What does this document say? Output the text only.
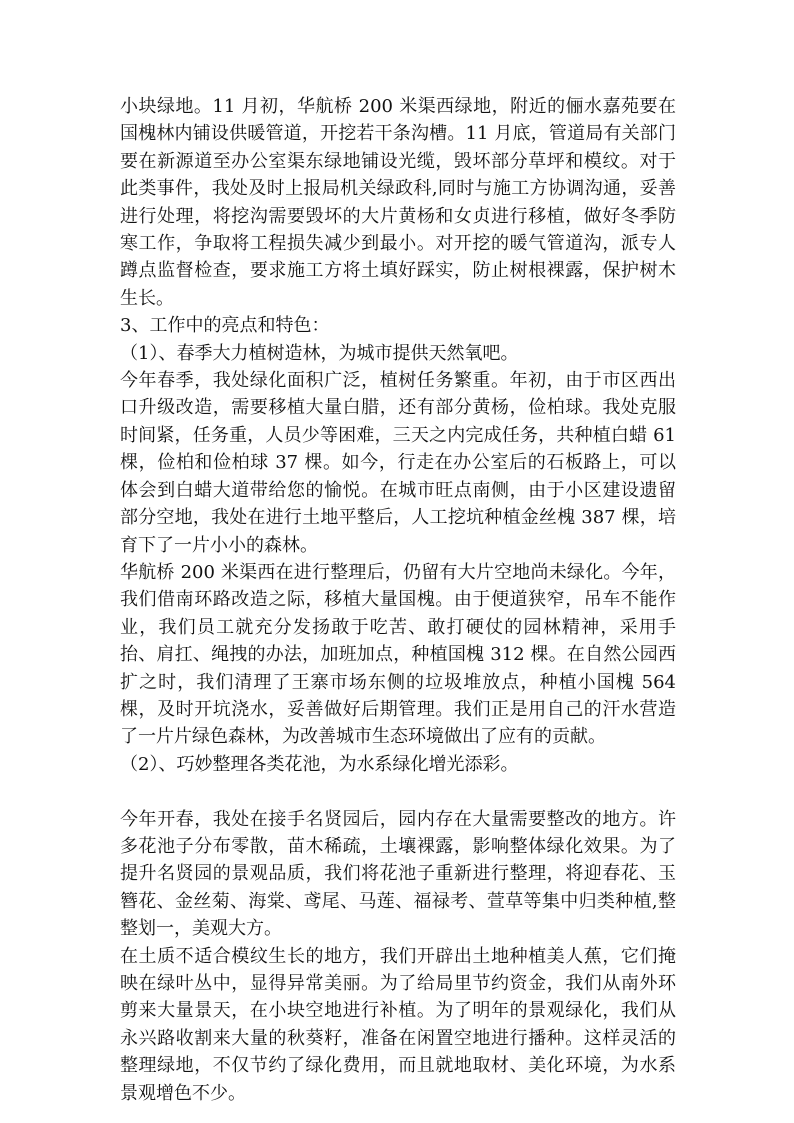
小块绿地。11 月初，华航桥 200 米渠西绿地，附近的俪水嘉苑要在国槐林内铺设供暖管道，开挖若干条沟槽。11 月底，管道局有关部门要在新源道至办公室渠东绿地铺设光缆，毁坏部分草坪和模纹。对于此类事件，我处及时上报局机关绿政科,同时与施工方协调沟通，妥善进行处理，将挖沟需要毁坏的大片黄杨和女贞进行移植，做好冬季防寒工作，争取将工程损失减少到最小。对开挖的暖气管道沟，派专人蹲点监督检查，要求施工方将土填好踩实，防止树根裸露，保护树木生长。

3、工作中的亮点和特色：

（1）、春季大力植树造林，为城市提供天然氧吧。

今年春季，我处绿化面积广泛，植树任务繁重。年初，由于市区西出口升级改造，需要移植大量白腊，还有部分黄杨，俭柏球。我处克服时间紧，任务重，人员少等困难，三天之内完成任务，共种植白蜡 61 棵，俭柏和俭柏球 37 棵。如今，行走在办公室后的石板路上，可以体会到白蜡大道带给您的愉悦。在城市旺点南侧，由于小区建设遗留部分空地，我处在进行土地平整后，人工挖坑种植金丝槐 387 棵，培育下了一片小小的森林。

华航桥 200 米渠西在进行整理后，仍留有大片空地尚未绿化。今年，我们借南环路改造之际，移植大量国槐。由于便道狭窄，吊车不能作业，我们员工就充分发扬敢于吃苦、敢打硬仗的园林精神，采用手抬、肩扛、绳拽的办法，加班加点，种植国槐 312 棵。在自然公园西扩之时，我们清理了王寨市场东侧的垃圾堆放点，种植小国槐 564 棵，及时开坑浇水，妥善做好后期管理。我们正是用自己的汗水营造了一片片绿色森林，为改善城市生态环境做出了应有的贡献。

（2）、巧妙整理各类花池，为水系绿化增光添彩。

今年开春，我处在接手名贤园后，园内存在大量需要整改的地方。许多花池子分布零散，苗木稀疏，土壤裸露，影响整体绿化效果。为了提升名贤园的景观品质，我们将花池子重新进行整理，将迎春花、玉簪花、金丝菊、海棠、鸢尾、马莲、福禄考、萱草等集中归类种植,整整划一，美观大方。

在土质不适合模纹生长的地方，我们开辟出土地种植美人蕉，它们掩映在绿叶丛中，显得异常美丽。为了给局里节约资金，我们从南外环剪来大量景天，在小块空地进行补植。为了明年的景观绿化，我们从永兴路收割来大量的秋葵籽，准备在闲置空地进行播种。这样灵活的整理绿地，不仅节约了绿化费用，而且就地取材、美化环境，为水系景观增色不少。
